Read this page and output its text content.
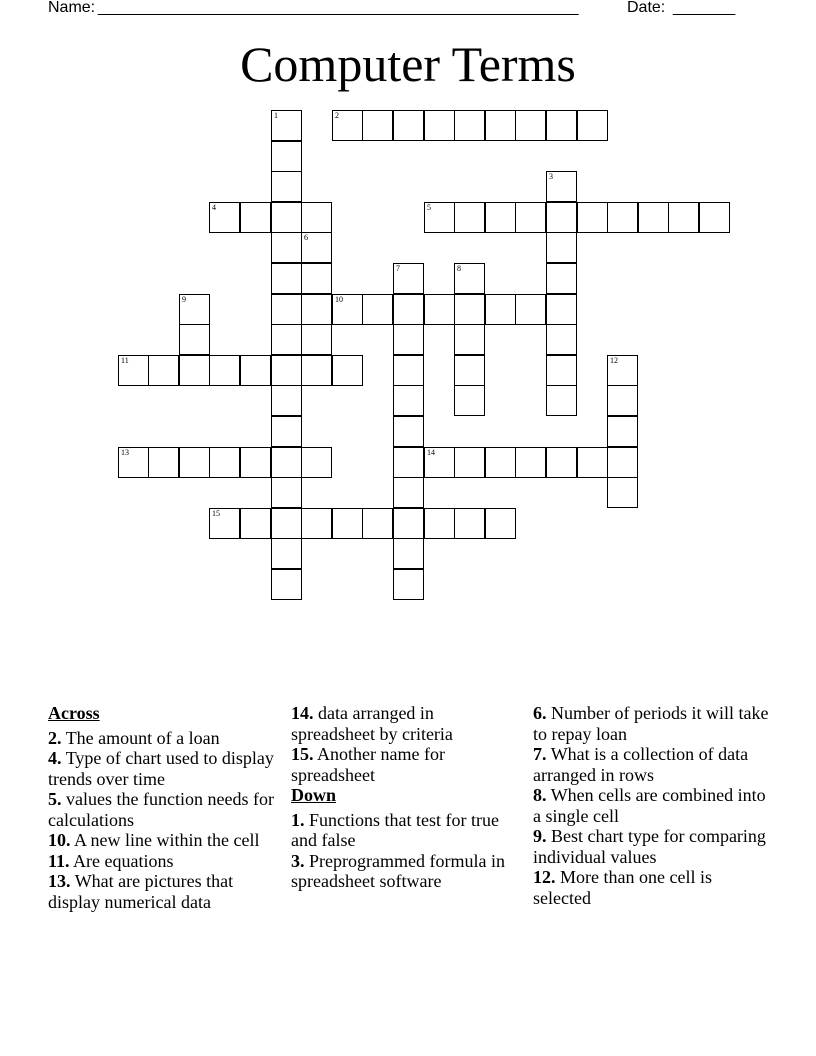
Name: ______________________________________________________	Date: _______
Computer Terms
1	2
3
4	5
6
7	8
9	10
11	12
13	14
15
Across
2. The amount of a loan
4. Type of chart used to display trends over time
5. values the function needs for calculations
10. A new line within the cell
11. Are equations
13. What are pictures that display numerical data
14. data arranged in spreadsheet by criteria
15. Another name for spreadsheet
Down
1. Functions that test for true and false
3. Preprogrammed formula in spreadsheet software
6. Number of periods it will take to repay loan
7. What is a collection of data arranged in rows
8. When cells are combined into a single cell
9. Best chart type for comparing individual values
12. More than one cell is selected
